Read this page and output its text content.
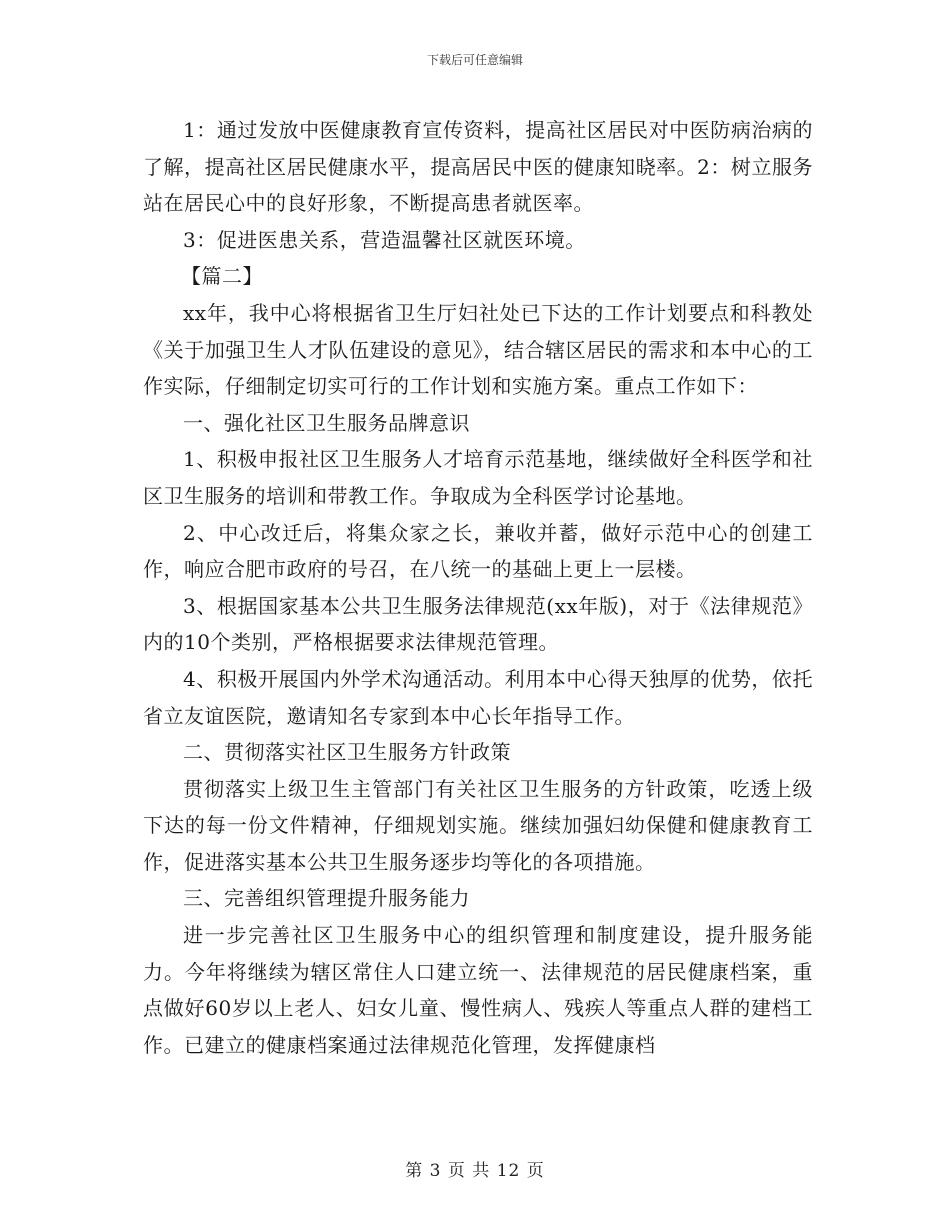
下载后可任意编辑

1：通过发放中医健康教育宣传资料，提高社区居民对中医防病治病的了解，提高社区居民健康水平，提高居民中医的健康知晓率。2：树立服务站在居民心中的良好形象，不断提高患者就医率。

3：促进医患关系，营造温馨社区就医环境。

【篇二】

xx年，我中心将根据省卫生厅妇社处已下达的工作计划要点和科教处《关于加强卫生人才队伍建设的意见》，结合辖区居民的需求和本中心的工作实际，仔细制定切实可行的工作计划和实施方案。重点工作如下：

一、强化社区卫生服务品牌意识

1、积极申报社区卫生服务人才培育示范基地，继续做好全科医学和社区卫生服务的培训和带教工作。争取成为全科医学讨论基地。

2、中心改迁后，将集众家之长，兼收并蓄，做好示范中心的创建工作，响应合肥市政府的号召，在八统一的基础上更上一层楼。

3、根据国家基本公共卫生服务法律规范(xx年版)，对于《法律规范》内的10个类别，严格根据要求法律规范管理。

4、积极开展国内外学术沟通活动。利用本中心得天独厚的优势，依托省立友谊医院，邀请知名专家到本中心长年指导工作。

二、贯彻落实社区卫生服务方针政策

贯彻落实上级卫生主管部门有关社区卫生服务的方针政策，吃透上级下达的每一份文件精神，仔细规划实施。继续加强妇幼保健和健康教育工作，促进落实基本公共卫生服务逐步均等化的各项措施。

三、完善组织管理提升服务能力

进一步完善社区卫生服务中心的组织管理和制度建设，提升服务能力。今年将继续为辖区常住人口建立统一、法律规范的居民健康档案，重点做好60岁以上老人、妇女儿童、慢性病人、残疾人等重点人群的建档工作。已建立的健康档案通过法律规范化管理，发挥健康档

第 3 页 共 12 页
